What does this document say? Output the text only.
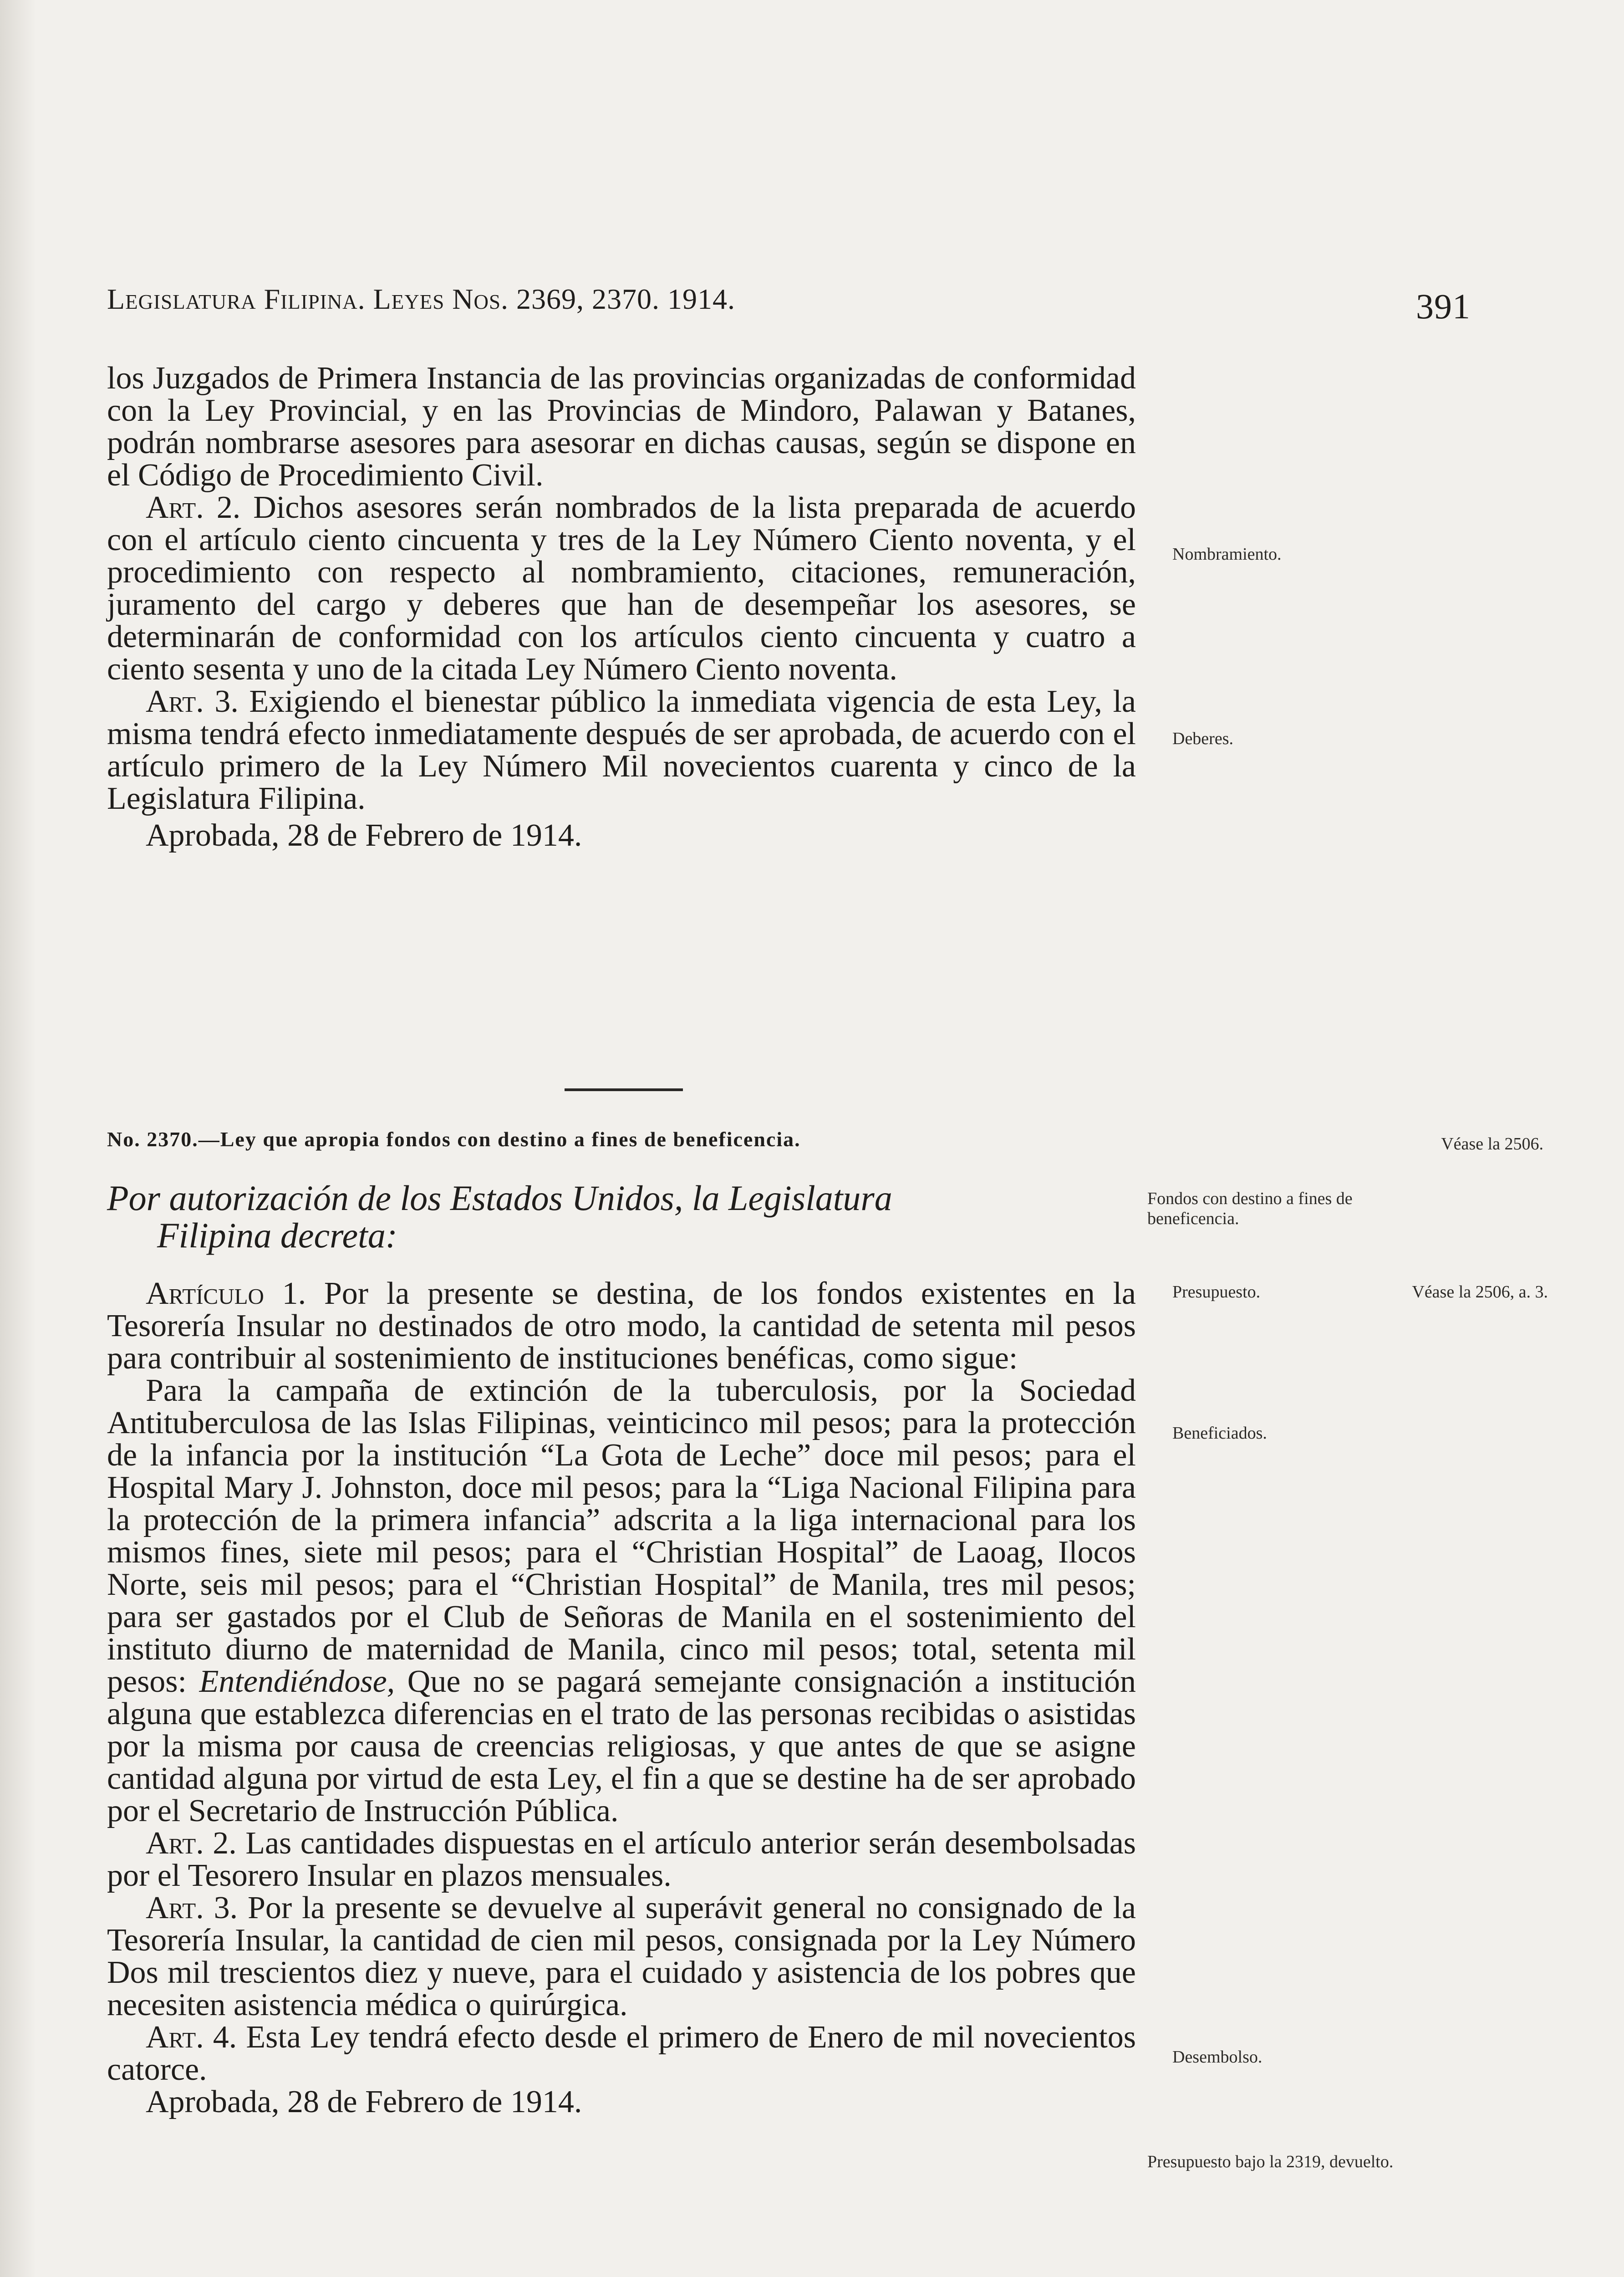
Legislatura Filipina. Leyes Nos. 2369, 2370. 1914.	391

los Juzgados de Primera Instancia de las provincias organizadas de conformidad con la Ley Provincial, y en las Provincias de Mindoro, Palawan y Batanes, podrán nombrarse asesores para asesorar en dichas causas, según se dispone en el Código de Procedimiento Civil.

Art. 2. Dichos asesores serán nombrados de la lista preparada de acuerdo con el artículo ciento cincuenta y tres de la Ley Número Ciento noventa, y el procedimiento con respecto al nombramiento, citaciones, remuneración, juramento del cargo y deberes que han de desempeñar los asesores, se determinarán de conformidad con los artículos ciento cincuenta y cuatro a ciento sesenta y uno de la citada Ley Número Ciento noventa.

Art. 3. Exigiendo el bienestar público la inmediata vigencia de esta Ley, la misma tendrá efecto inmediatamente después de ser aprobada, de acuerdo con el artículo primero de la Ley Número Mil novecientos cuarenta y cinco de la Legislatura Filipina.

Aprobada, 28 de Febrero de 1914.

No. 2370.—Ley que apropia fondos con destino a fines de beneficencia.
Por autorización de los Estados Unidos, la Legislatura
Filipina decreta:

Artículo 1. Por la presente se destina, de los fondos existentes en la Tesorería Insular no destinados de otro modo, la cantidad de setenta mil pesos para contribuir al sostenimiento de instituciones benéficas, como sigue:

Para la campaña de extinción de la tuberculosis, por la Sociedad Antituberculosa de las Islas Filipinas, veinticinco mil pesos; para la protección de la infancia por la institución “La Gota de Leche” doce mil pesos; para el Hospital Mary J. Johnston, doce mil pesos; para la “Liga Nacional Filipina para la protección de la primera infancia” adscrita a la liga internacional para los mismos fines, siete mil pesos; para el “Christian Hospital” de Laoag, Ilocos Norte, seis mil pesos; para el “Christian Hospital” de Manila, tres mil pesos; para ser gastados por el Club de Señoras de Manila en el sostenimiento del instituto diurno de maternidad de Manila, cinco mil pesos; total, setenta mil pesos: Entendiéndose, Que no se pagará semejante consignación a institución alguna que establezca diferencias en el trato de las personas recibidas o asistidas por la misma por causa de creencias religiosas, y que antes de que se asigne cantidad alguna por virtud de esta Ley, el fin a que se destine ha de ser aprobado por el Secretario de Instrucción Pública.

Art. 2. Las cantidades dispuestas en el artículo anterior serán desembolsadas por el Tesorero Insular en plazos mensuales.

Art. 3. Por la presente se devuelve al superávit general no consignado de la Tesorería Insular, la cantidad de cien mil pesos, consignada por la Ley Número Dos mil trescientos diez y nueve, para el cuidado y asistencia de los pobres que necesiten asistencia médica o quirúrgica.

Art. 4. Esta Ley tendrá efecto desde el primero de Enero de mil novecientos catorce.

Aprobada, 28 de Febrero de 1914.

Nombramiento.
Deberes.
Véase la 2506.
Fondos con destino a fines de beneficencia.
Presupuesto.	Véase la 2506, a. 3.
Beneficiados.
Desembolso.
Presupuesto bajo la 2319, devuelto.
